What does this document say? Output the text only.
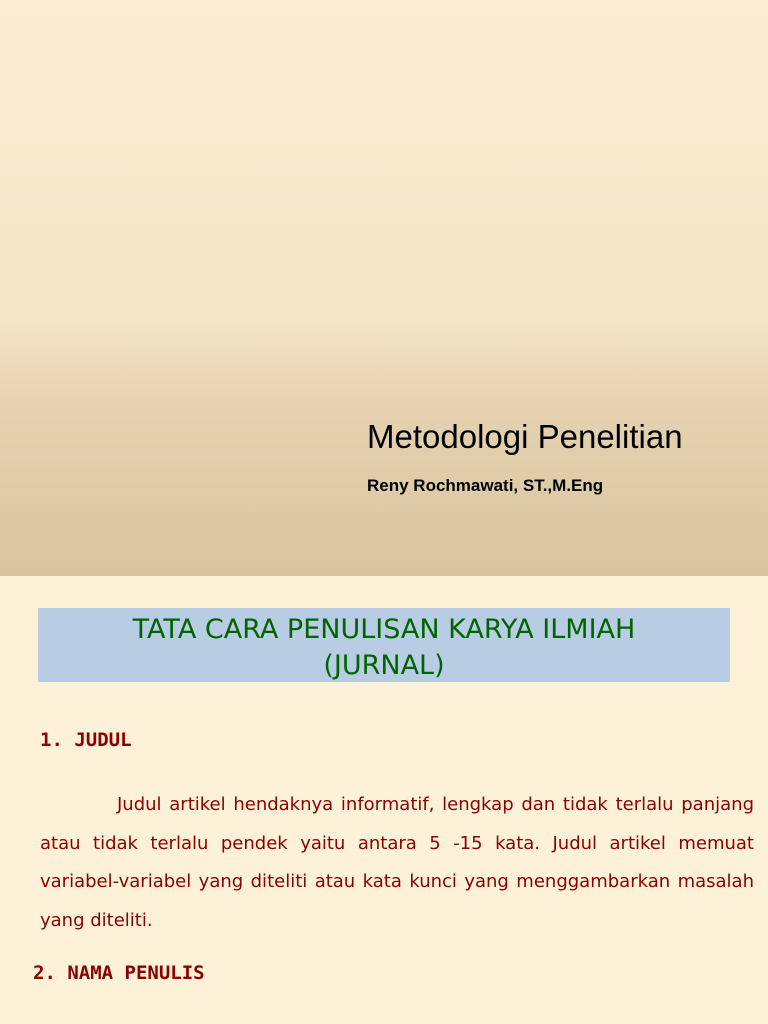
Metodologi Penelitian

Reny Rochmawati, ST.,M.Eng

TATA CARA PENULISAN KARYA ILMIAH
(JURNAL)

1. JUDUL

Judul artikel hendaknya informatif, lengkap dan tidak terlalu panjang atau tidak terlalu pendek yaitu antara 5 -15 kata. Judul artikel memuat variabel-variabel yang diteliti atau kata kunci yang menggambarkan masalah yang diteliti.

2. NAMA PENULIS
